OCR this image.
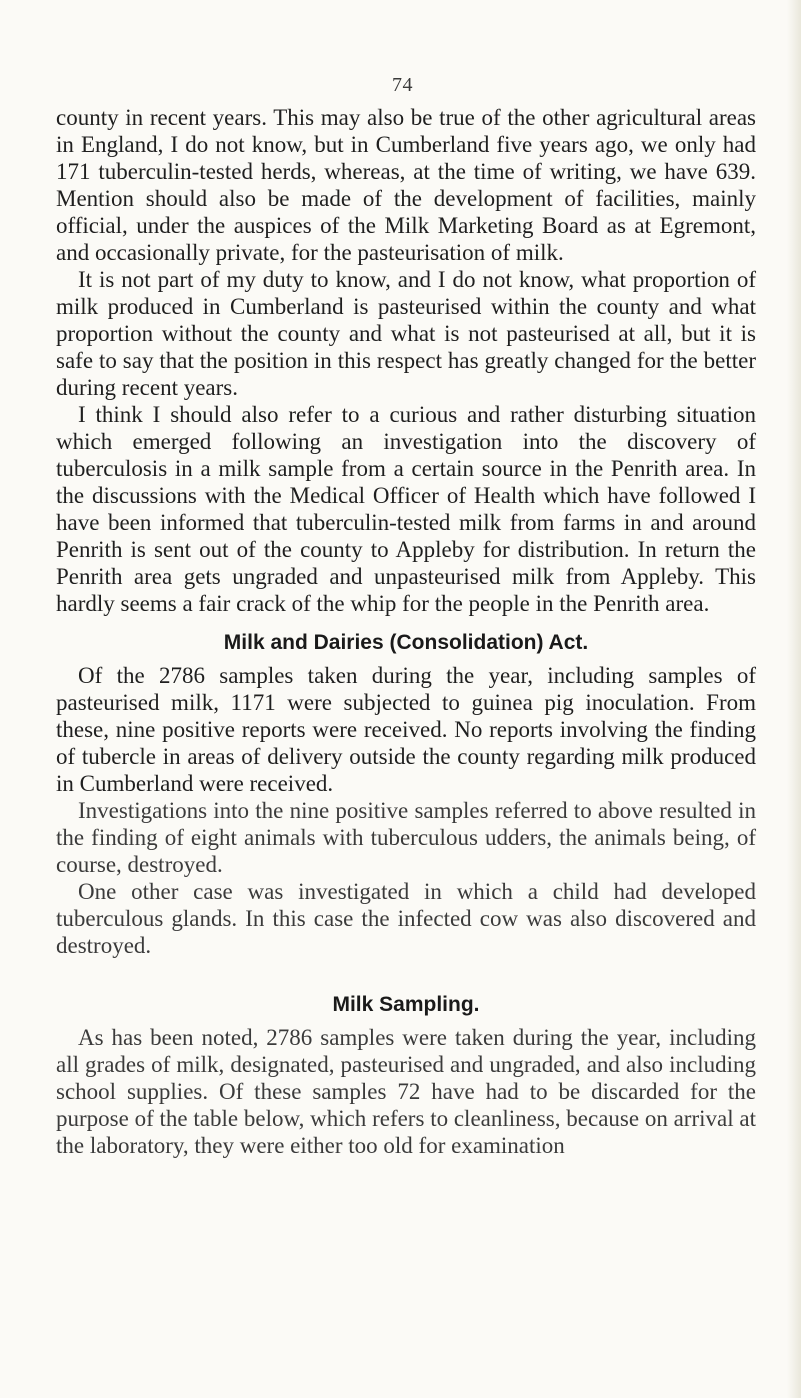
74

county in recent years. This may also be true of the other agricultural areas in England, I do not know, but in Cumberland five years ago, we only had 171 tuberculin-tested herds, whereas, at the time of writing, we have 639. Mention should also be made of the development of facilities, mainly official, under the auspices of the Milk Marketing Board as at Egremont, and occasionally private, for the pasteurisation of milk.

It is not part of my duty to know, and I do not know, what proportion of milk produced in Cumberland is pasteurised within the county and what proportion without the county and what is not pasteurised at all, but it is safe to say that the position in this respect has greatly changed for the better during recent years.

I think I should also refer to a curious and rather disturbing situation which emerged following an investigation into the discovery of tuberculosis in a milk sample from a certain source in the Penrith area. In the discussions with the Medical Officer of Health which have followed I have been informed that tuberculin-tested milk from farms in and around Penrith is sent out of the county to Appleby for distribution. In return the Penrith area gets ungraded and unpasteurised milk from Appleby. This hardly seems a fair crack of the whip for the people in the Penrith area.

Milk and Dairies (Consolidation) Act.

Of the 2786 samples taken during the year, including samples of pasteurised milk, 1171 were subjected to guinea pig inoculation. From these, nine positive reports were received. No reports involving the finding of tubercle in areas of delivery outside the county regarding milk produced in Cumberland were received.

Investigations into the nine positive samples referred to above resulted in the finding of eight animals with tuberculous udders, the animals being, of course, destroyed.

One other case was investigated in which a child had developed tuberculous glands. In this case the infected cow was also discovered and destroyed.

Milk Sampling.

As has been noted, 2786 samples were taken during the year, including all grades of milk, designated, pasteurised and ungraded, and also including school supplies. Of these samples 72 have had to be discarded for the purpose of the table below, which refers to cleanliness, because on arrival at the laboratory, they were either too old for examination
